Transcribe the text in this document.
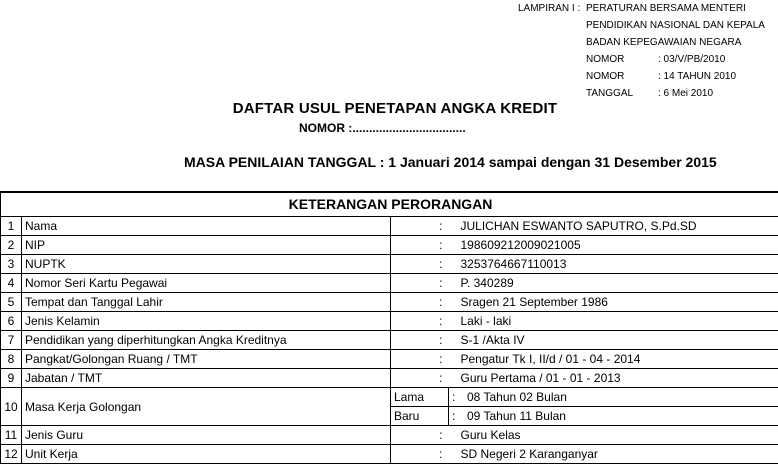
LAMPIRAN I : PERATURAN BERSAMA MENTERI
PENDIDIKAN NASIONAL DAN KEPALA
BADAN KEPEGAWAIAN NEGARA
NOMOR	: 03/V/PB/2010
NOMOR	: 14 TAHUN 2010
TANGGAL	: 6 Mei 2010
DAFTAR USUL PENETAPAN ANGKA KREDIT
NOMOR :..................................
MASA PENILAIAN TANGGAL : 1 Januari 2014 sampai dengan 31 Desember 2015
KETERANGAN PERORANGAN			
1	Nama	:	JULICHAN ESWANTO SAPUTRO, S.Pd.SD
2	NIP	:	198609212009021005
3	NUPTK	:	3253764667110013
4	Nomor Seri Kartu Pegawai	:	P. 340289
5	Tempat dan Tanggal Lahir	:	Sragen 21 September 1986
6	Jenis Kelamin	:	Laki - laki
7	Pendidikan yang diperhitungkan Angka Kreditnya	:	S-1 /Akta IV
8	Pangkat/Golongan Ruang / TMT	:	Pengatur Tk I, II/d / 01 - 04 - 2014
9	Jabatan / TMT	:	Guru Pertama / 01 - 01 - 2013
10	Masa Kerja Golongan	Lama	: 08 Tahun 02 Bulan
		Baru	: 09 Tahun 11 Bulan
11	Jenis Guru	:	Guru Kelas
12	Unit Kerja	:	SD Negeri 2 Karanganyar
